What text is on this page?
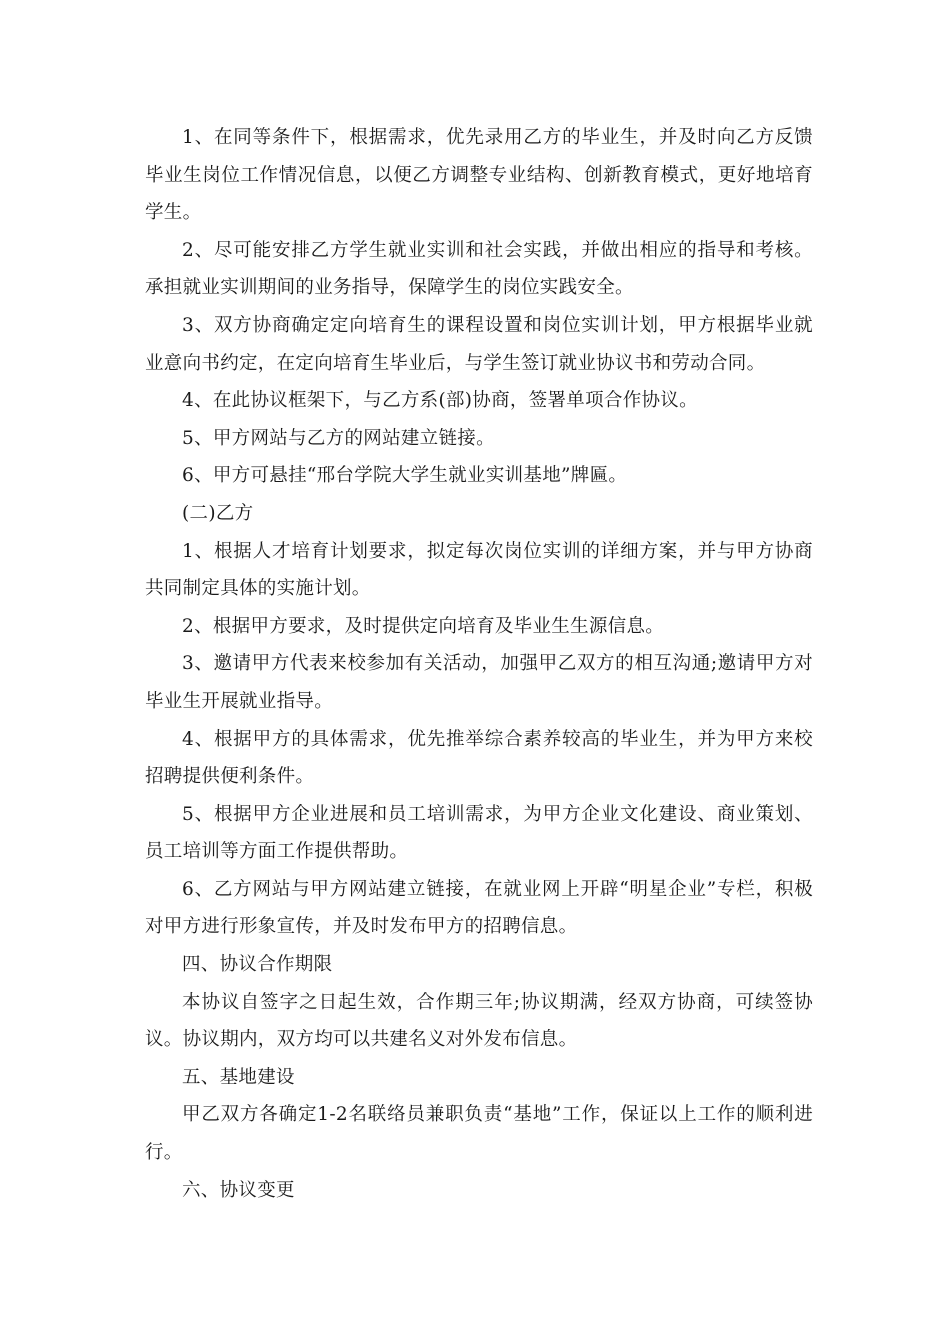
1、在同等条件下，根据需求，优先录用乙方的毕业生，并及时向乙方反馈毕业生岗位工作情况信息，以便乙方调整专业结构、创新教育模式，更好地培育学生。

2、尽可能安排乙方学生就业实训和社会实践，并做出相应的指导和考核。承担就业实训期间的业务指导，保障学生的岗位实践安全。

3、双方协商确定定向培育生的课程设置和岗位实训计划，甲方根据毕业就业意向书约定，在定向培育生毕业后，与学生签订就业协议书和劳动合同。

4、在此协议框架下，与乙方系(部)协商，签署单项合作协议。

5、甲方网站与乙方的网站建立链接。

6、甲方可悬挂“邢台学院大学生就业实训基地”牌匾。

(二)乙方

1、根据人才培育计划要求，拟定每次岗位实训的详细方案，并与甲方协商共同制定具体的实施计划。

2、根据甲方要求，及时提供定向培育及毕业生生源信息。

3、邀请甲方代表来校参加有关活动，加强甲乙双方的相互沟通;邀请甲方对毕业生开展就业指导。

4、根据甲方的具体需求，优先推举综合素养较高的毕业生，并为甲方来校招聘提供便利条件。

5、根据甲方企业进展和员工培训需求，为甲方企业文化建设、商业策划、员工培训等方面工作提供帮助。

6、乙方网站与甲方网站建立链接，在就业网上开辟“明星企业”专栏，积极对甲方进行形象宣传，并及时发布甲方的招聘信息。

四、协议合作期限

本协议自签字之日起生效，合作期三年;协议期满，经双方协商，可续签协议。协议期内，双方均可以共建名义对外发布信息。

五、基地建设

甲乙双方各确定1-2名联络员兼职负责“基地”工作，保证以上工作的顺利进行。

六、协议变更
